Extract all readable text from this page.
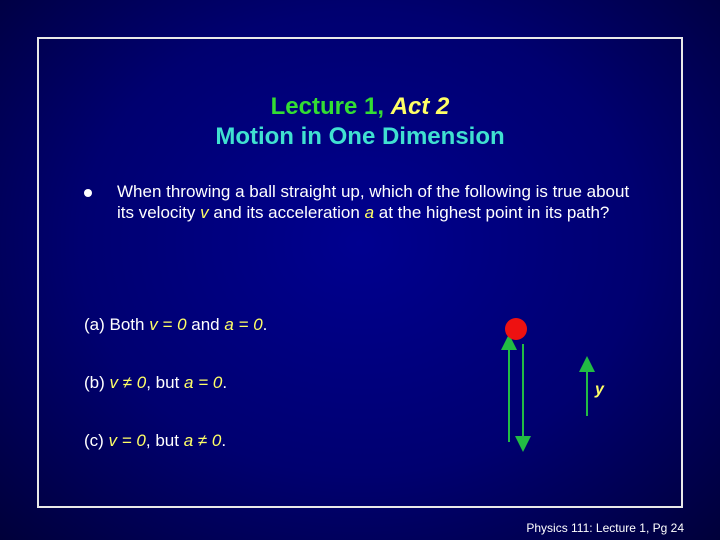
Lecture 1, Act 2
Motion in One Dimension
When throwing a ball straight up, which of the following is true about its velocity v and its acceleration a at the highest point in its path?
(a) Both v = 0 and a = 0.
(b) v ≠ 0, but a = 0.
(c) v = 0, but a ≠ 0.
y
Physics 111: Lecture 1, Pg 24
